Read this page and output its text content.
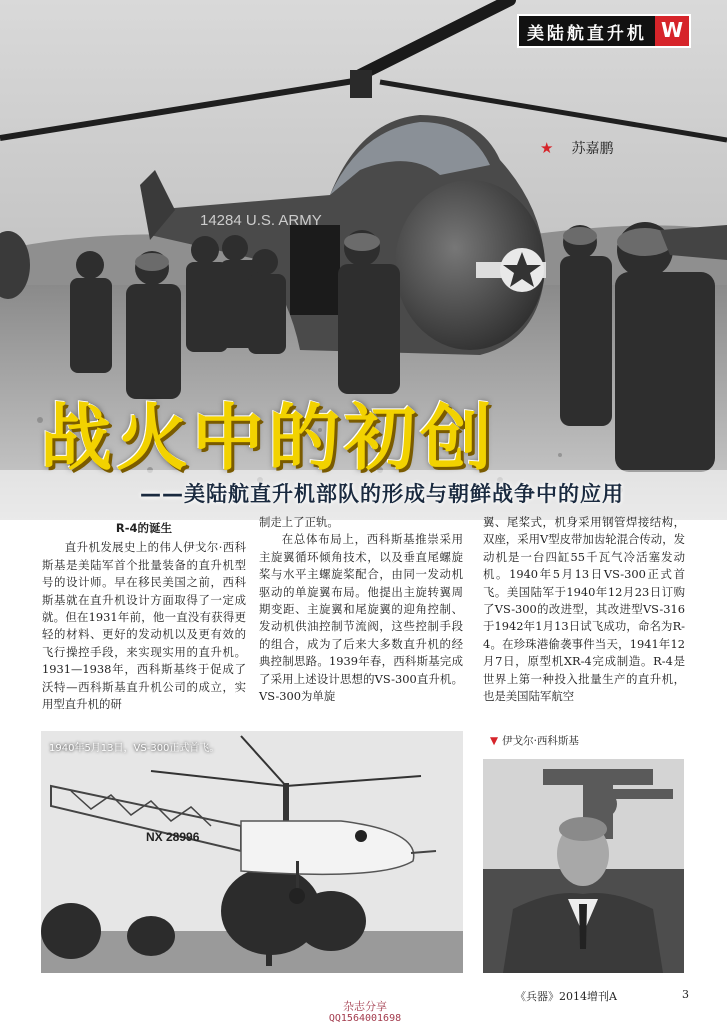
14284 U.S. ARMY
美陆航直升机 W
★ 苏嘉鹏
战火中的初创
——美陆航直升机部队的形成与朝鲜战争中的应用
R-4的诞生

直升机发展史上的伟人伊戈尔·西科斯基是美陆军首个批量装备的直升机型号的设计师。早在移民美国之前，西科斯基就在直升机设计方面取得了一定成就。但在1931年前，他一直没有获得更轻的材料、更好的发动机以及更有效的飞行操控手段，来实现实用的直升机。1931—1938年，西科斯基终于促成了沃特—西科斯基直升机公司的成立，实用型直升机的研

制走上了正轨。

在总体布局上，西科斯基推崇采用主旋翼循环倾角技术，以及垂直尾螺旋桨与水平主螺旋桨配合，由同一发动机驱动的单旋翼布局。他提出主旋转翼周期变距、主旋翼和尾旋翼的迎角控制、发动机供油控制节流阀，这些控制手段的组合，成为了后来大多数直升机的经典控制思路。1939年春，西科斯基完成了采用上述设计思想的VS-300直升机。VS-300为单旋

翼、尾桨式，机身采用钢管焊接结构，双座，采用V型皮带加齿轮混合传动，发动机是一台四缸55千瓦气冷活塞发动机。1940年5月13日VS-300正式首飞。美国陆军于1940年12月23日订购了VS-300的改进型，其改进型VS-316于1942年1月13日试飞成功，命名为R-4。在珍珠港偷袭事件当天，1941年12月7日，原型机XR-4完成制造。R-4是世界上第一种投入批量生产的直升机，也是美国陆军航空

NX 28996
1940年5月13日，VS-300正式首飞。
▼ 伊戈尔·西科斯基
《兵器》2014增刊A	3
杂志分享
QQ1564001698
